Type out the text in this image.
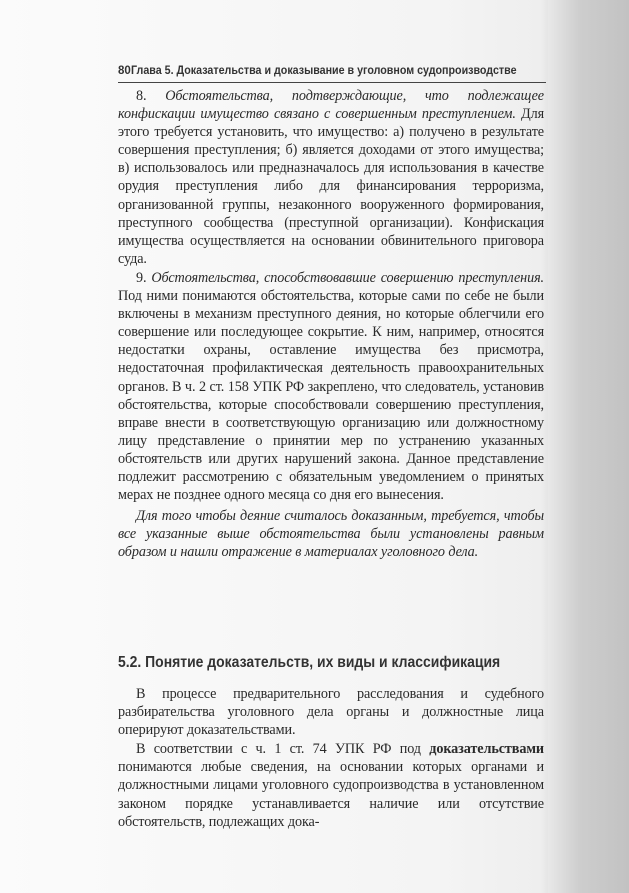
80 Глава 5. Доказательства и доказывание в уголовном судопроизводстве

8. Обстоятельства, подтверждающие, что подлежащее конфискации имущество связано с совершенным преступлением. Для этого требуется установить, что имущество: а) получено в результате совершения преступления; б) является доходами от этого имущества; в) использовалось или предназначалось для использования в качестве орудия преступления либо для финансирования терроризма, организованной группы, незаконного вооруженного формирования, преступного сообщества (преступной организации). Конфискация имущества осуществляется на основании обвинительного приговора суда.

9. Обстоятельства, способствовавшие совершению преступления. Под ними понимаются обстоятельства, которые сами по себе не были включены в механизм преступного деяния, но которые облегчили его совершение или последующее сокрытие. К ним, например, относятся недостатки охраны, оставление имущества без присмотра, недостаточная профилактическая деятельность правоохранительных органов. В ч. 2 ст. 158 УПК РФ закреплено, что следователь, установив обстоятельства, которые способствовали совершению преступления, вправе внести в соответствующую организацию или должностному лицу представление о принятии мер по устранению указанных обстоятельств или других нарушений закона. Данное представление подлежит рассмотрению с обязательным уведомлением о принятых мерах не позднее одного месяца со дня его вынесения.

Для того чтобы деяние считалось доказанным, требуется, чтобы все указанные выше обстоятельства были установлены равным образом и нашли отражение в материалах уголовного дела.

5.2. Понятие доказательств, их виды и классификация

В процессе предварительного расследования и судебного разбирательства уголовного дела органы и должностные лица оперируют доказательствами.

В соответствии с ч. 1 ст. 74 УПК РФ под доказательствами понимаются любые сведения, на основании которых органами и должностными лицами уголовного судопроизводства в установленном законом порядке устанавливается наличие или отсутствие обстоятельств, подлежащих дока-
